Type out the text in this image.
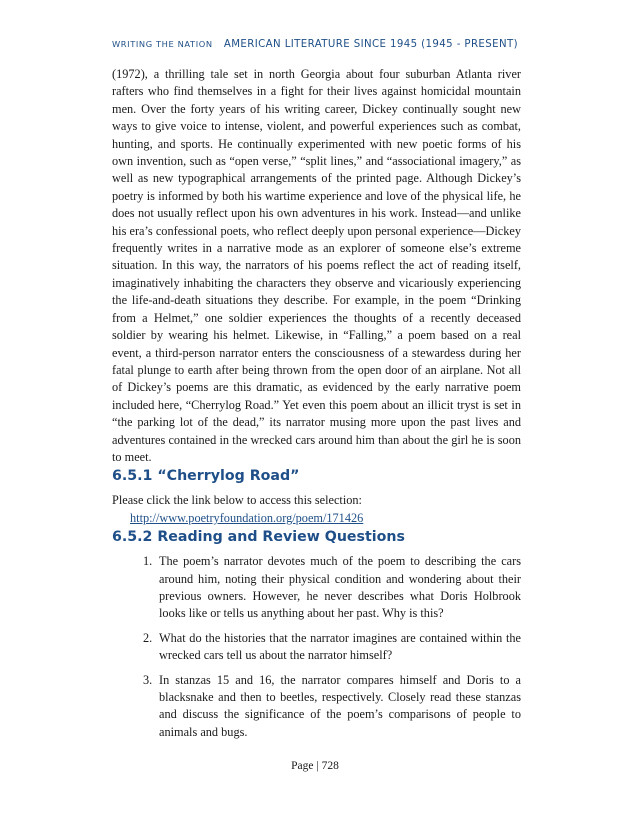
WRITING THE NATION AMERICAN LITERATURE SINCE 1945 (1945 - PRESENT)

(1972), a thrilling tale set in north Georgia about four suburban Atlanta river rafters who find themselves in a fight for their lives against homicidal mountain men. Over the forty years of his writing career, Dickey continually sought new ways to give voice to intense, violent, and powerful experiences such as combat, hunting, and sports. He continually experimented with new poetic forms of his own invention, such as “open verse,” “split lines,” and “associational imagery,” as well as new typographical arrangements of the printed page. Although Dickey’s poetry is informed by both his wartime experience and love of the physical life, he does not usually reflect upon his own adventures in his work. Instead—and unlike his era’s confessional poets, who reflect deeply upon personal experience—Dickey frequently writes in a narrative mode as an explorer of someone else’s extreme situation. In this way, the narrators of his poems reflect the act of reading itself, imaginatively inhabiting the characters they observe and vicariously experiencing the life-and-death situations they describe. For example, in the poem “Drinking from a Helmet,” one soldier experiences the thoughts of a recently deceased soldier by wearing his helmet. Likewise, in “Falling,” a poem based on a real event, a third-person narrator enters the consciousness of a stewardess during her fatal plunge to earth after being thrown from the open door of an airplane. Not all of Dickey’s poems are this dramatic, as evidenced by the early narrative poem included here, “Cherrylog Road.” Yet even this poem about an illicit tryst is set in “the parking lot of the dead,” its narrator musing more upon the past lives and adventures contained in the wrecked cars around him than about the girl he is soon to meet.

6.5.1 “Cherrylog Road”

Please click the link below to access this selection:

http://www.poetryfoundation.org/poem/171426

6.5.2 Reading and Review Questions
1. The poem’s narrator devotes much of the poem to describing the cars around him, noting their physical condition and wondering about their previous owners. However, he never describes what Doris Holbrook looks like or tells us anything about her past. Why is this?
2. What do the histories that the narrator imagines are contained within the wrecked cars tell us about the narrator himself?
3. In stanzas 15 and 16, the narrator compares himself and Doris to a blacksnake and then to beetles, respectively. Closely read these stanzas and discuss the significance of the poem’s comparisons of people to animals and bugs.
Page | 728
